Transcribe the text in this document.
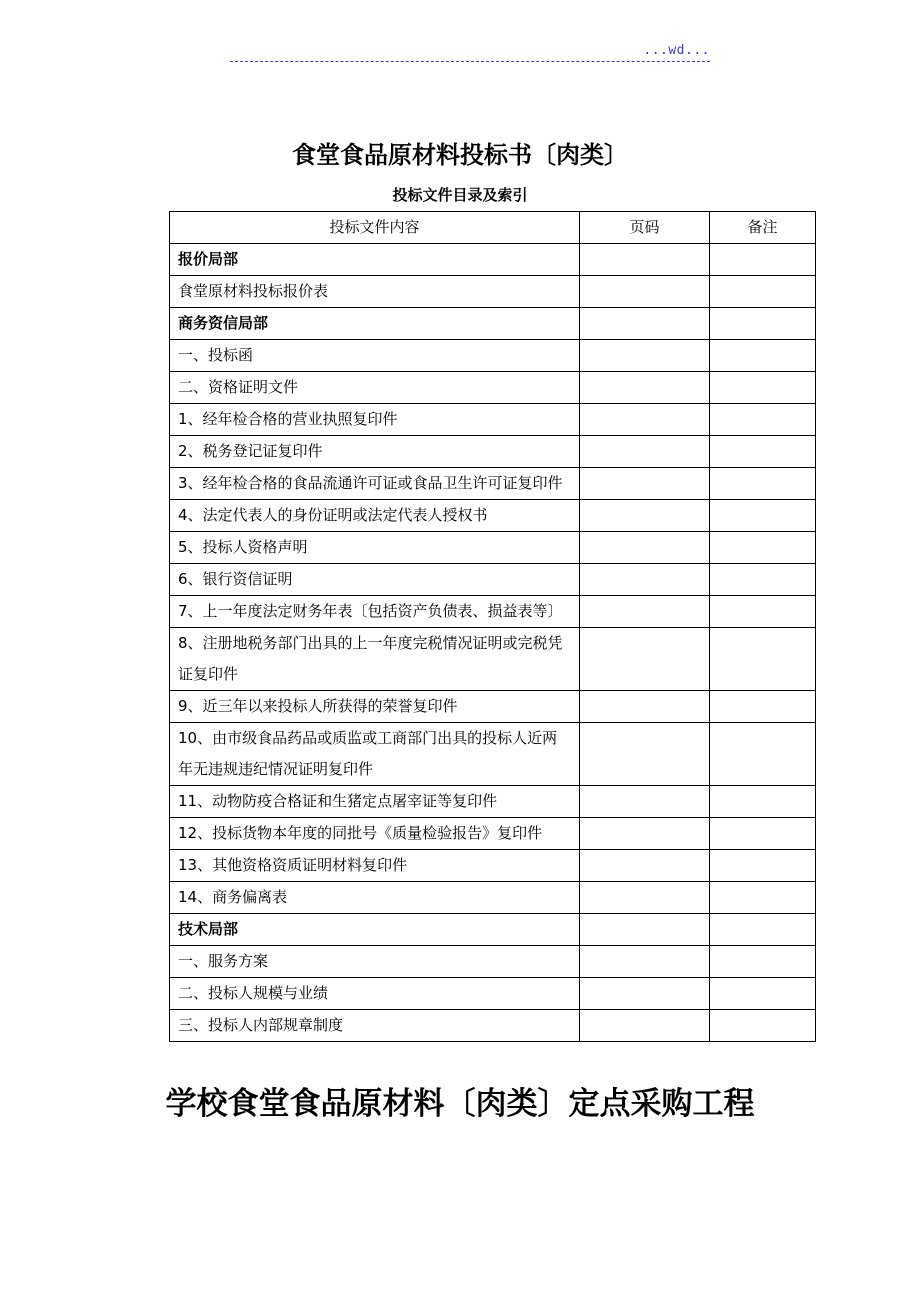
...wd...
食堂食品原材料投标书〔肉类〕
投标文件目录及索引
投标文件内容	页码	备注
报价局部		
食堂原材料投标报价表		
商务资信局部		
一、投标函		
二、资格证明文件		
1、经年检合格的营业执照复印件		
2、税务登记证复印件		
3、经年检合格的食品流通许可证或食品卫生许可证复印件		
4、法定代表人的身份证明或法定代表人授权书		
5、投标人资格声明		
6、银行资信证明		
7、上一年度法定财务年表〔包括资产负债表、损益表等〕		
8、注册地税务部门出具的上一年度完税情况证明或完税凭证复印件		
9、近三年以来投标人所获得的荣誉复印件		
10、由市级食品药品或质监或工商部门出具的投标人近两年无违规违纪情况证明复印件		
11、动物防疫合格证和生猪定点屠宰证等复印件		
12、投标货物本年度的同批号《质量检验报告》复印件		
13、其他资格资质证明材料复印件		
14、商务偏离表		
技术局部		
一、服务方案		
二、投标人规模与业绩		
三、投标人内部规章制度		
学校食堂食品原材料〔肉类〕定点采购工程
